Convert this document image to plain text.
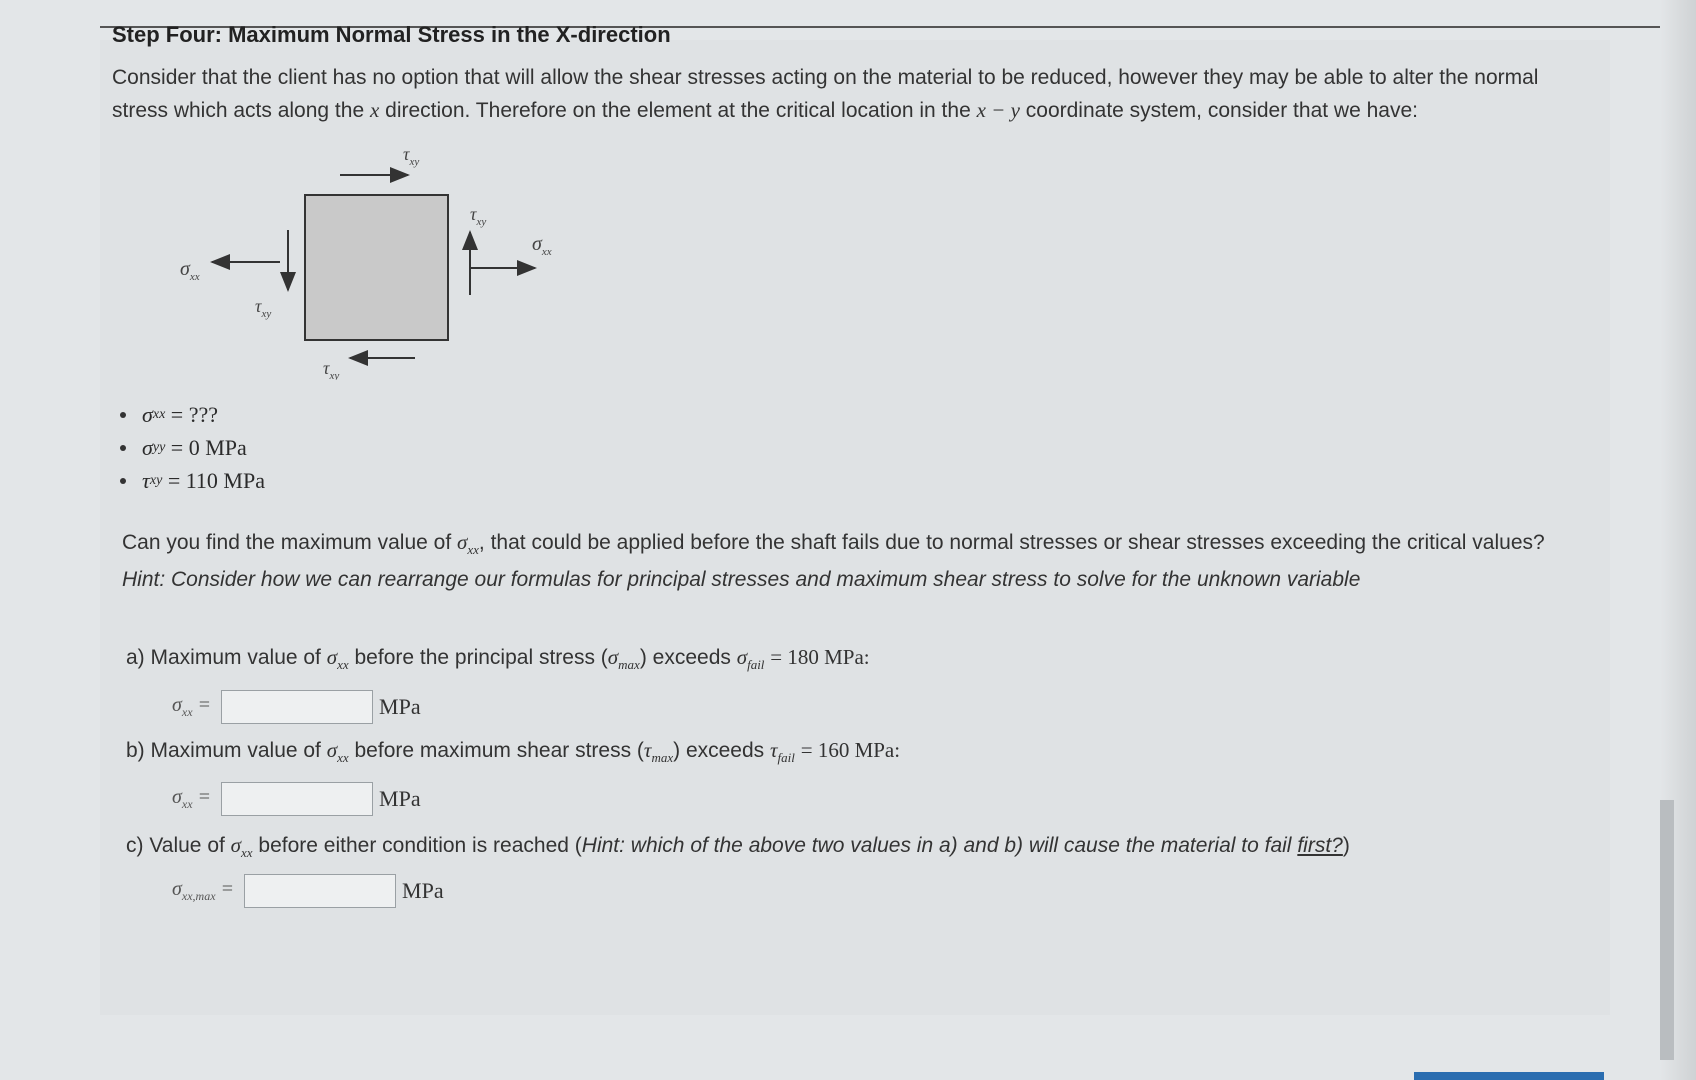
Step Four: Maximum Normal Stress in the X-direction
Consider that the client has no option that will allow the shear stresses acting on the material to be reduced, however they may be able to alter the normal
stress which acts along the x direction. Therefore on the element at the critical location in the x − y coordinate system, consider that we have:
$\tau_{xy}$
$\tau_{xy}$
$\sigma_{xx}$
$\tau_{xy}$
$\tau_{xy}$
$\sigma_{xx}$
σ xx
= ???
σ yy
= 0 MPa
τ xy
= 110 MPa
Can you find the maximum value of $\sigma_{xx}$, that could be applied before the shaft fails due to normal stresses or shear stresses exceeding the critical values?
Hint: Consider how we can rearrange our formulas for principal stresses and maximum shear stress to solve for the unknown variable
a) Maximum value of $\sigma_{xx}$ before the principal stress $(\sigma_{max})$ exceeds $\sigma_{fail} = 180$ MPa:
$\sigma_{xx}$ =	MPa
b) Maximum value of $\sigma_{xx}$ before maximum shear stress $(\tau_{max})$ exceeds $\tau_{fail} = 160$ MPa:
$\sigma_{xx}$ =	MPa
c) Value of $\sigma_{xx}$ before either condition is reached (Hint: which of the above two values in a) and b) will cause the material to fail first?)
$\sigma_{xx,max}$ =	MPa
